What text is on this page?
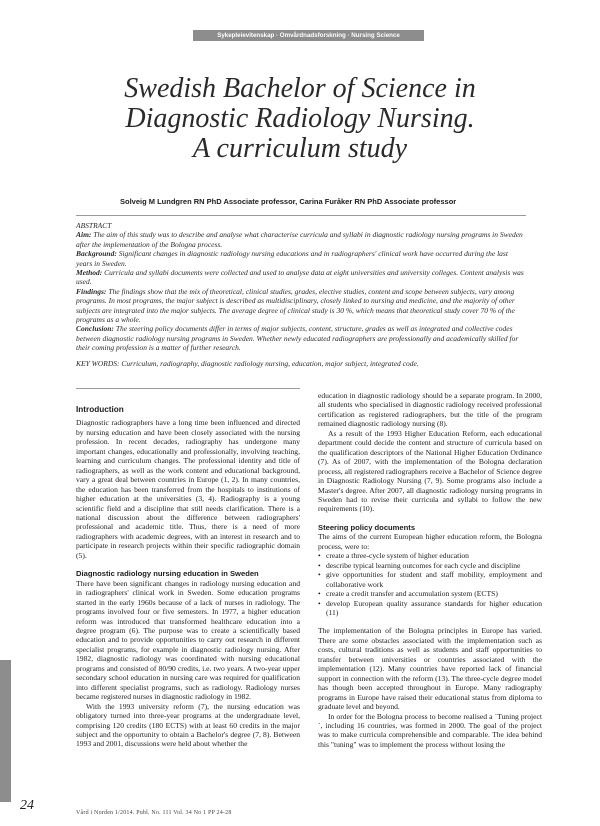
Sykepleievitenskap · Omvårdnadsforskning · Nursing Science
Swedish Bachelor of Science in
Diagnostic Radiology Nursing.
A curriculum study
Solveig M Lundgren RN PhD Associate professor, Carina Furåker RN PhD Associate professor

ABSTRACT

Aim: The aim of this study was to describe and analyse what characterise curricula and syllabi in diagnostic radiology nursing programs in Sweden after the implementation of the Bologna process.

Background: Significant changes in diagnostic radiology nursing educations and in radiographers' clinical work have occurred during the last years in Sweden.

Method: Curricula and syllabi documents were collected and used to analyse data at eight universities and university colleges. Content analysis was used.

Findings: The findings show that the mix of theoretical, clinical studies, grades, elective studies, content and scope between subjects, vary among programs. In most programs, the major subject is described as multidisciplinary, closely linked to nursing and medicine, and the majority of other subjects are integrated into the major subjects. The average degree of clinical study is 30 %, which means that theoretical study cover 70 % of the programs as a whole.

Conclusion: The steering policy documents differ in terms of major subjects, content, structure, grades as well as integrated and collective codes between diagnostic radiology nursing programs in Sweden. Whether newly educated radiographers are professionally and academically skilled for their coming profession is a matter of further research.

KEY WORDS: Curriculum, radiography, diagnostic radiology nursing, education, major subject, integrated code.

Introduction

Diagnostic radiographers have a long time been influenced and directed by nursing education and have been closely associated with the nursing profession. In recent decades, radiography has undergone many important changes, educationally and professionally, involving teaching, learning and curriculum changes. The professional identity and title of radiographers, as well as the work content and educational background, vary a great deal between countries in Europe (1, 2). In many countries, the education has been transferred from the hospitals to institutions of higher education at the universities (3, 4). Radiography is a young scientific field and a discipline that still needs clarification. There is a national discussion about the difference between radiographers' professional and academic title. Thus, there is a need of more radiographers with academic degrees, with an interest in research and to participate in research projects within their specific radiographic domain (5).

Diagnostic radiology nursing education in Sweden

There have been significant changes in radiology nursing education and in radiographers' clinical work in Sweden. Some education programs started in the early 1960s because of a lack of nurses in radiology. The programs involved four or five semesters. In 1977, a higher education reform was introduced that transformed healthcare education into a degree program (6). The purpose was to create a scientifically based education and to provide opportunities to carry out research in different specialist programs, for example in diagnostic radiology nursing. After 1982, diagnostic radiology was coordinated with nursing educational programs and consisted of 80/90 credits, i.e. two years. A two-year upper secondary school education in nursing care was required for qualification into different specialist programs, such as radiology. Radiology nurses became registered nurses in diagnostic radiology in 1982.

With the 1993 university reform (7), the nursing education was obligatory turned into three-year programs at the undergraduate level, comprising 120 credits (180 ECTS) with at least 60 credits in the major subject and the opportunity to obtain a Bachelor's degree (7, 8). Between 1993 and 2001, discussions were held about whether the

education in diagnostic radiology should be a separate program. In 2000, all students who specialised in diagnostic radiology received professional certification as registered radiographers, but the title of the program remained diagnostic radiology nursing (8).

As a result of the 1993 Higher Education Reform, each educational department could decide the content and structure of curricula based on the qualification descriptors of the National Higher Education Ordinance (7). As of 2007, with the implementation of the Bologna declaration process, all registered radiographers receive a Bachelor of Science degree in Diagnostic Radiology Nursing (7, 9). Some programs also include a Master's degree. After 2007, all diagnostic radiology nursing programs in Sweden had to revise their curricula and syllabi to follow the new requirements (10).

Steering policy documents

The aims of the current European higher education reform, the Bologna process, were to:

• create a three-cycle system of higher education
• describe typical learning outcomes for each cycle and discipline
• give opportunities for student and staff mobility, employment and collaborative work
• create a credit transfer and accumulation system (ECTS)
• develop European quality assurance standards for higher education (11)

The implementation of the Bologna principles in Europe has varied. There are some obstacles associated with the implementation such as costs, cultural traditions as well as students and staff opportunities to transfer between universities or countries associated with the implementation (12). Many countries have reported lack of financial support in connection with the reform (13). The three-cycle degree model has though been accepted throughout in Europe. Many radiography programs in Europe have raised their educational status from diploma to graduate level and beyond.

In order for the Bologna process to become realised a `Tuning project´, including 16 countries, was formed in 2000. The goal of the project was to make curricula comprehensible and comparable. The idea behind this "tuning" was to implement the process without losing the

24	Vård i Norden 1/2014. Publ. No. 111 Vol. 34 No 1 PP 24-28
